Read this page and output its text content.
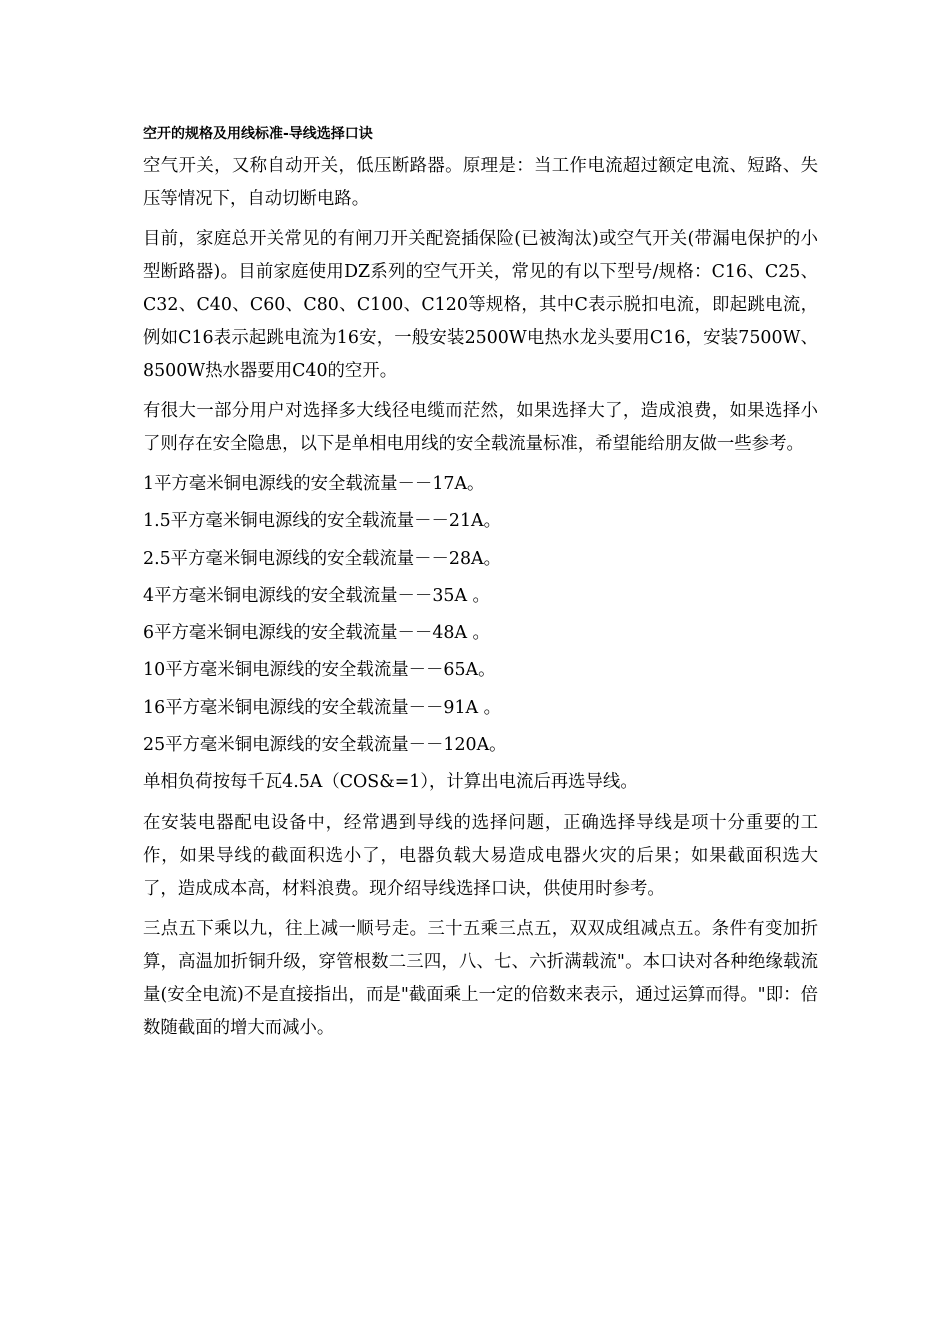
空开的规格及用线标准-导线选择口诀

空气开关，又称自动开关，低压断路器。原理是：当工作电流超过额定电流、短路、失压等情况下，自动切断电路。

目前，家庭总开关常见的有闸刀开关配瓷插保险(已被淘汰)或空气开关(带漏电保护的小型断路器)。目前家庭使用DZ系列的空气开关，常见的有以下型号/规格：C16、C25、C32、C40、C60、C80、C100、C120等规格，其中C表示脱扣电流，即起跳电流，例如C16表示起跳电流为16安，一般安装2500W电热水龙头要用C16，安装7500W、8500W热水器要用C40的空开。

有很大一部分用户对选择多大线径电缆而茫然，如果选择大了，造成浪费，如果选择小了则存在安全隐患，以下是单相电用线的安全载流量标准，希望能给朋友做一些参考。

1平方毫米铜电源线的安全载流量－－17A。
1.5平方毫米铜电源线的安全载流量－－21A。
2.5平方毫米铜电源线的安全载流量－－28A。
4平方毫米铜电源线的安全载流量－－35A 。
6平方毫米铜电源线的安全载流量－－48A 。
10平方毫米铜电源线的安全载流量－－65A。
16平方毫米铜电源线的安全载流量－－91A 。
25平方毫米铜电源线的安全载流量－－120A。

单相负荷按每千瓦4.5A（COS&=1），计算出电流后再选导线。

在安装电器配电设备中，经常遇到导线的选择问题，正确选择导线是项十分重要的工作，如果导线的截面积选小了，电器负载大易造成电器火灾的后果；如果截面积选大了，造成成本高，材料浪费。现介绍导线选择口诀，供使用时参考。

三点五下乘以九，往上减一顺号走。三十五乘三点五，双双成组减点五。条件有变加折算，高温加折铜升级，穿管根数二三四，八、七、六折满载流"。本口诀对各种绝缘载流量(安全电流)不是直接指出，而是"截面乘上一定的倍数来表示，通过运算而得。"即：倍数随截面的增大而减小。
